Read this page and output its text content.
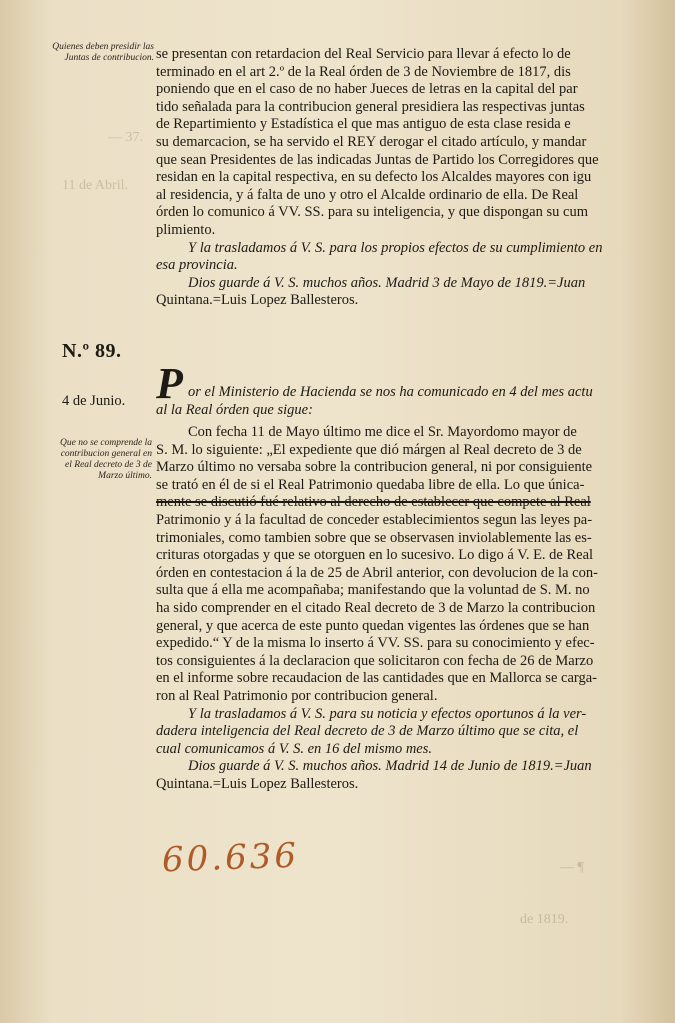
— 37.
11 de Abril.
Quienes deben presidir las Juntas de contribucion. se presentan con retardacion del Real Servicio para llevar á efecto lo de
terminado en el art 2.º de la Real órden de 3 de Noviembre de 1817, dis
poniendo que en el caso de no haber Jueces de letras en la capital del par
tido señalada para la contribucion general presidiera las respectivas juntas
de Repartimiento y Estadística el que mas antiguo de esta clase resida e
su demarcacion, se ha servido el REY derogar el citado artículo, y mandar
que sean Presidentes de las indicadas Juntas de Partido los Corregidores que
residan en la capital respectiva, en su defecto los Alcaldes mayores con igu
al residencia, y á falta de uno y otro el Alcalde ordinario de ella. De Real
órden lo comunico á VV. SS. para su inteligencia, y que dispongan su cum
plimiento.
Y la trasladamos á V. S. para los propios efectos de su cumplimiento en
esa provincia.
Dios guarde á V. S. muchos años. Madrid 3 de Mayo de 1819.=Juan
Quintana.=Luis Lopez Ballesteros.
N.º 89.
4 de Junio. P or el Ministerio de Hacienda se nos ha comunicado en 4 del mes actu
al la Real órden que sigue:
Que no se comprende la contribucion general en el Real decreto de 3 de Marzo último.
Con fecha 11 de Mayo último me dice el Sr. Mayordomo mayor de
S. M. lo siguiente: „El expediente que dió márgen al Real decreto de 3 de
Marzo último no versaba sobre la contribucion general, ni por consiguiente
se trató en él de si el Real Patrimonio quedaba libre de ella. Lo que única-
mente se discutió fué relativo al derecho de establecer que compete al Real
Patrimonio y á la facultad de conceder establecimientos segun las leyes pa-
trimoniales, como tambien sobre que se observasen inviolablemente las es-
crituras otorgadas y que se otorguen en lo sucesivo. Lo digo á V. E. de Real
órden en contestacion á la de 25 de Abril anterior, con devolucion de la con-
sulta que á ella me acompañaba; manifestando que la voluntad de S. M. no
ha sido comprender en el citado Real decreto de 3 de Marzo la contribucion
general, y que acerca de este punto quedan vigentes las órdenes que se han
expedido.“ Y de la misma lo inserto á VV. SS. para su conocimiento y efec-
tos consiguientes á la declaracion que solicitaron con fecha de 26 de Marzo
en el informe sobre recaudacion de las cantidades que en Mallorca se carga-
ron al Real Patrimonio por contribucion general.
Y la trasladamos á V. S. para su noticia y efectos oportunos á la ver-
dadera inteligencia del Real decreto de 3 de Marzo último que se cita, el
cual comunicamos á V. S. en 16 del mismo mes.
Dios guarde á V. S. muchos años. Madrid 14 de Junio de 1819.=Juan
Quintana.=Luis Lopez Ballesteros.
60.636	— ¶
de 1819.
